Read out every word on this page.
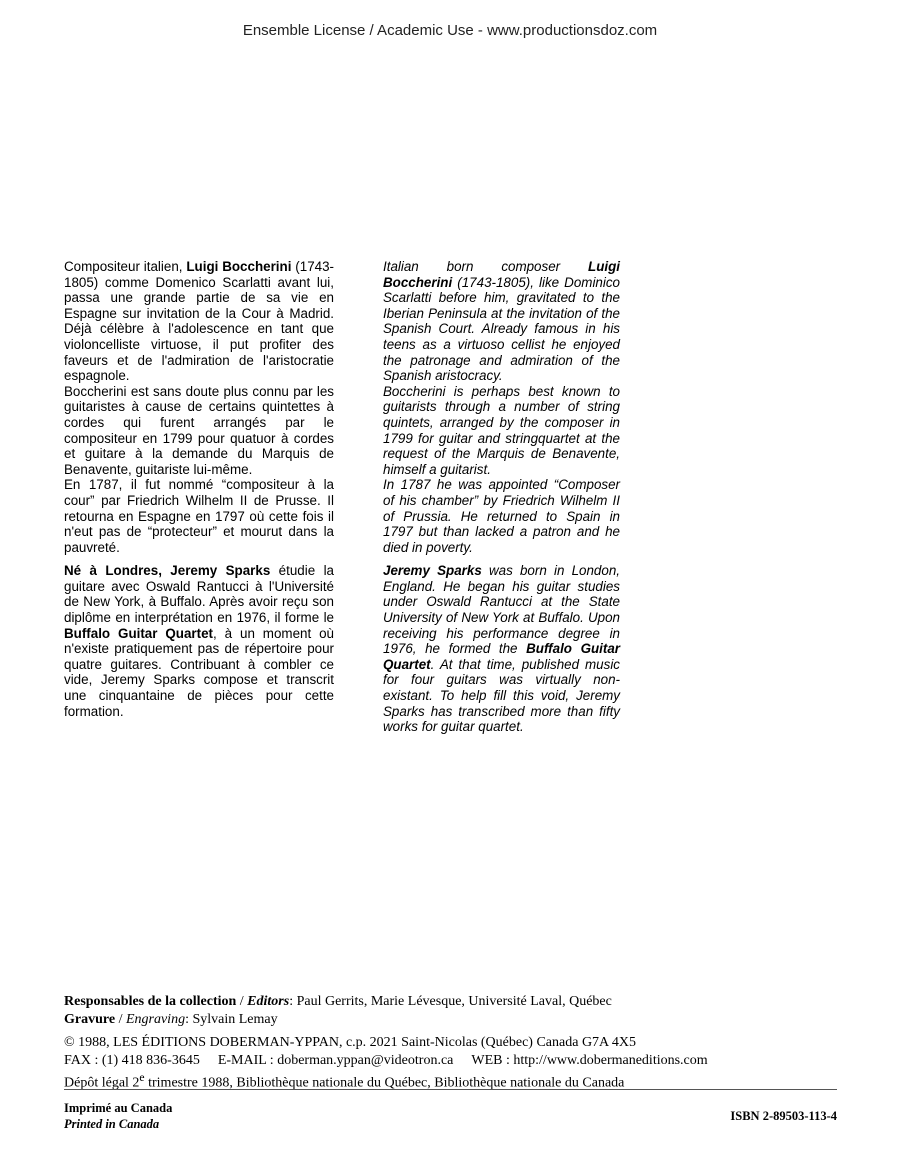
Ensemble License / Academic Use - www.productionsdoz.com

Compositeur italien, Luigi Boccherini (1743-1805) comme Domenico Scarlatti avant lui, passa une grande partie de sa vie en Espagne sur invitation de la Cour à Madrid. Déjà célèbre à l'adolescence en tant que violoncelliste virtuose, il put profiter des faveurs et de l'admiration de l'aristocratie espagnole.

Boccherini est sans doute plus connu par les guitaristes à cause de certains quintettes à cordes qui furent arrangés par le compositeur en 1799 pour quatuor à cordes et guitare à la demande du Marquis de Benavente, guitariste lui-même.

En 1787, il fut nommé “compositeur à la cour” par Friedrich Wilhelm II de Prusse. Il retourna en Espagne en 1797 où cette fois il n'eut pas de “protecteur” et mourut dans la pauvreté.

Né à Londres, Jeremy Sparks étudie la guitare avec Oswald Rantucci à l'Université de New York, à Buffalo. Après avoir reçu son diplôme en interprétation en 1976, il forme le Buffalo Guitar Quartet, à un moment où n'existe pratiquement pas de répertoire pour quatre guitares. Contribuant à combler ce vide, Jeremy Sparks compose et transcrit une cinquantaine de pièces pour cette formation.

Italian born composer Luigi Boccherini (1743-1805), like Dominico Scarlatti before him, gravitated to the Iberian Peninsula at the invitation of the Spanish Court. Already famous in his teens as a virtuoso cellist he enjoyed the patronage and admiration of the Spanish aristocracy.

Boccherini is perhaps best known to guitarists through a number of string quintets, arranged by the composer in 1799 for guitar and stringquartet at the request of the Marquis de Benavente, himself a guitarist.

In 1787 he was appointed “Composer of his chamber” by Friedrich Wilhelm II of Prussia. He returned to Spain in 1797 but than lacked a patron and he died in poverty.

Jeremy Sparks was born in London, England. He began his guitar studies under Oswald Rantucci at the State University of New York at Buffalo. Upon receiving his performance degree in 1976, he formed the Buffalo Guitar Quartet. At that time, published music for four guitars was virtually non-existant. To help fill this void, Jeremy Sparks has transcribed more than fifty works for guitar quartet.

Responsables de la collection / Editors: Paul Gerrits, Marie Lévesque, Université Laval, Québec
Gravure / Engraving: Sylvain Lemay
© 1988, LES ÉDITIONS DOBERMAN-YPPAN, c.p. 2021 Saint-Nicolas (Québec) Canada G7A 4X5
FAX : (1) 418 836-3645 E-MAIL : doberman.yppan@videotron.ca WEB : http://www.dobermaneditions.com
Dépôt légal 2e trimestre 1988, Bibliothèque nationale du Québec, Bibliothèque nationale du Canada
Imprimé au Canada
Printed in Canada
ISBN 2-89503-113-4
